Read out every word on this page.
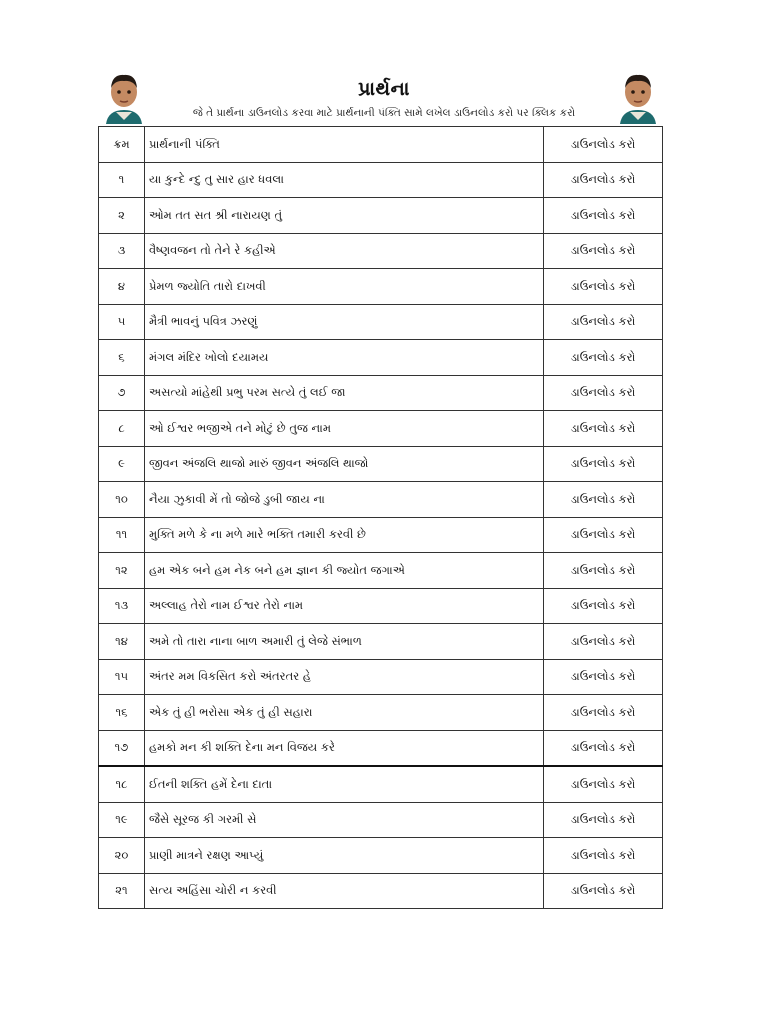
પ્રાર્થના
જે તે પ્રાર્થના ડાઉનલોડ કરવા માટે પ્રાર્થનાની પંક્તિ સામે લખેલ ડાઉનલોડ કરો પર ક્લિક કરો
ક્રમ	પ્રાર્થનાની પંક્તિ	ડાઉનલોડ કરો
૧	યા કુન્દે ન્દુ તુ સાર હાર ધવલા	ડાઉનલોડ કરો
૨	ઓમ તત સત શ્રી નારાયણ તું	ડાઉનલોડ કરો
૩	વૈષ્ણવજન તો તેને રે કહીએ	ડાઉનલોડ કરો
૪	પ્રેમળ જ્યોતિ તારો દાખવી	ડાઉનલોડ કરો
૫	મૈત્રી ભાવનું પવિત્ર ઝરણું	ડાઉનલોડ કરો
૬	મંગલ મંદિર ખોલો દયામય	ડાઉનલોડ કરો
૭	અસત્યો માંહેથી પ્રભુ પરમ સત્યે તું લઈ જા	ડાઉનલોડ કરો
૮	ઓ ઈશ્વર ભજીએ તને મોટું છે તુજ નામ	ડાઉનલોડ કરો
૯	જીવન અંજલિ થાજો મારું જીવન અંજલિ થાજો	ડાઉનલોડ કરો
૧૦	નૈયા ઝુકાવી મેં તો જોજે ડુબી જાય ના	ડાઉનલોડ કરો
૧૧	મુક્તિ મળે કે ના મળે મારે ભક્તિ તમારી કરવી છે	ડાઉનલોડ કરો
૧૨	હમ એક બને હમ નેક બને હમ જ્ઞાન કી જ્યોત જગાએ	ડાઉનલોડ કરો
૧૩	અલ્લાહ તેરો નામ ઈશ્વર તેરો નામ	ડાઉનલોડ કરો
૧૪	અમે તો તારા નાના બાળ અમારી તું લેજે સંભાળ	ડાઉનલોડ કરો
૧૫	અંતર મમ વિકસિત કરો અંતરતર હે	ડાઉનલોડ કરો
૧૬	એક તું હી ભરોસા એક તું હી સહારા	ડાઉનલોડ કરો
૧૭	હમકો મન કી શક્તિ દેના મન વિજય કરે	ડાઉનલોડ કરો
૧૮	ઈતની શક્તિ હમેં દેના દાતા	ડાઉનલોડ કરો
૧૯	જૈસે સૂરજ કી ગરમી સે	ડાઉનલોડ કરો
૨૦	પ્રાણી માત્રને રક્ષણ આપ્યું	ડાઉનલોડ કરો
૨૧	સત્ય અહિંસા ચોરી ન કરવી	ડાઉનલોડ કરો
